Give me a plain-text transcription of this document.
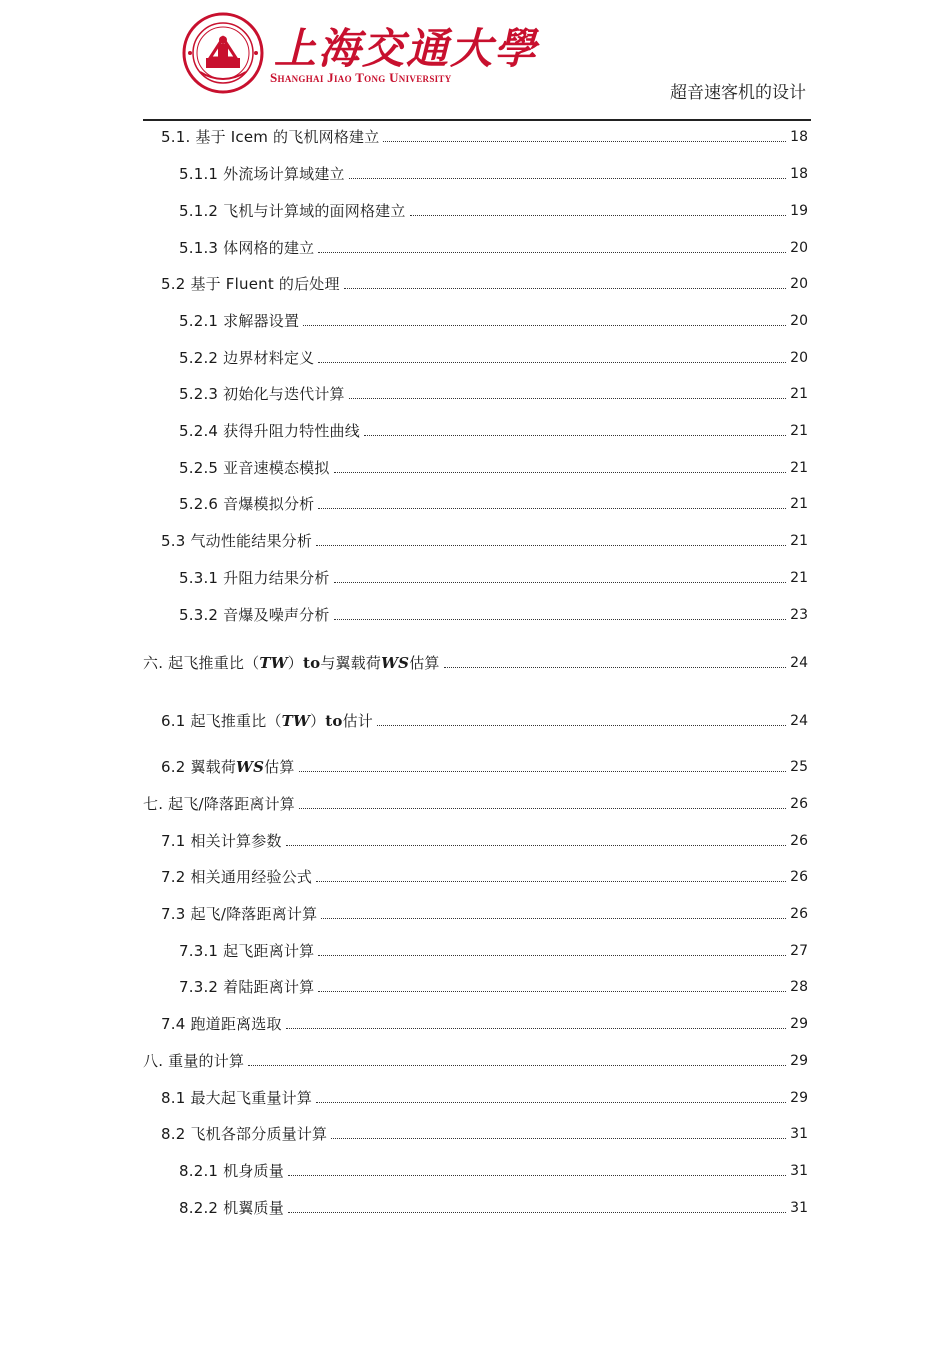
上海交通大學
Shanghai Jiao Tong University
超音速客机的设计
5.1. 基于 Icem 的飞机网格建立	18
5.1.1 外流场计算域建立	18
5.1.2 飞机与计算域的面网格建立	19
5.1.3 体网格的建立	20
5.2 基于 Fluent 的后处理	20
5.2.1 求解器设置	20
5.2.2 边界材料定义	20
5.2.3 初始化与迭代计算	21
5.2.4 获得升阻力特性曲线	21
5.2.5 亚音速模态模拟	21
5.2.6 音爆模拟分析	21
5.3 气动性能结果分析	21
5.3.1 升阻力结果分析	21
5.3.2 音爆及噪声分析	23
六. 起飞推重比（TW）to与翼载荷WS估算	24
6.1 起飞推重比（TW）to估计	24
6.2 翼载荷WS估算	25
七. 起飞/降落距离计算	26
7.1 相关计算参数	26
7.2 相关通用经验公式	26
7.3 起飞/降落距离计算	26
7.3.1 起飞距离计算	27
7.3.2 着陆距离计算	28
7.4 跑道距离选取	29
八. 重量的计算	29
8.1 最大起飞重量计算	29
8.2 飞机各部分质量计算	31
8.2.1 机身质量	31
8.2.2 机翼质量	31
